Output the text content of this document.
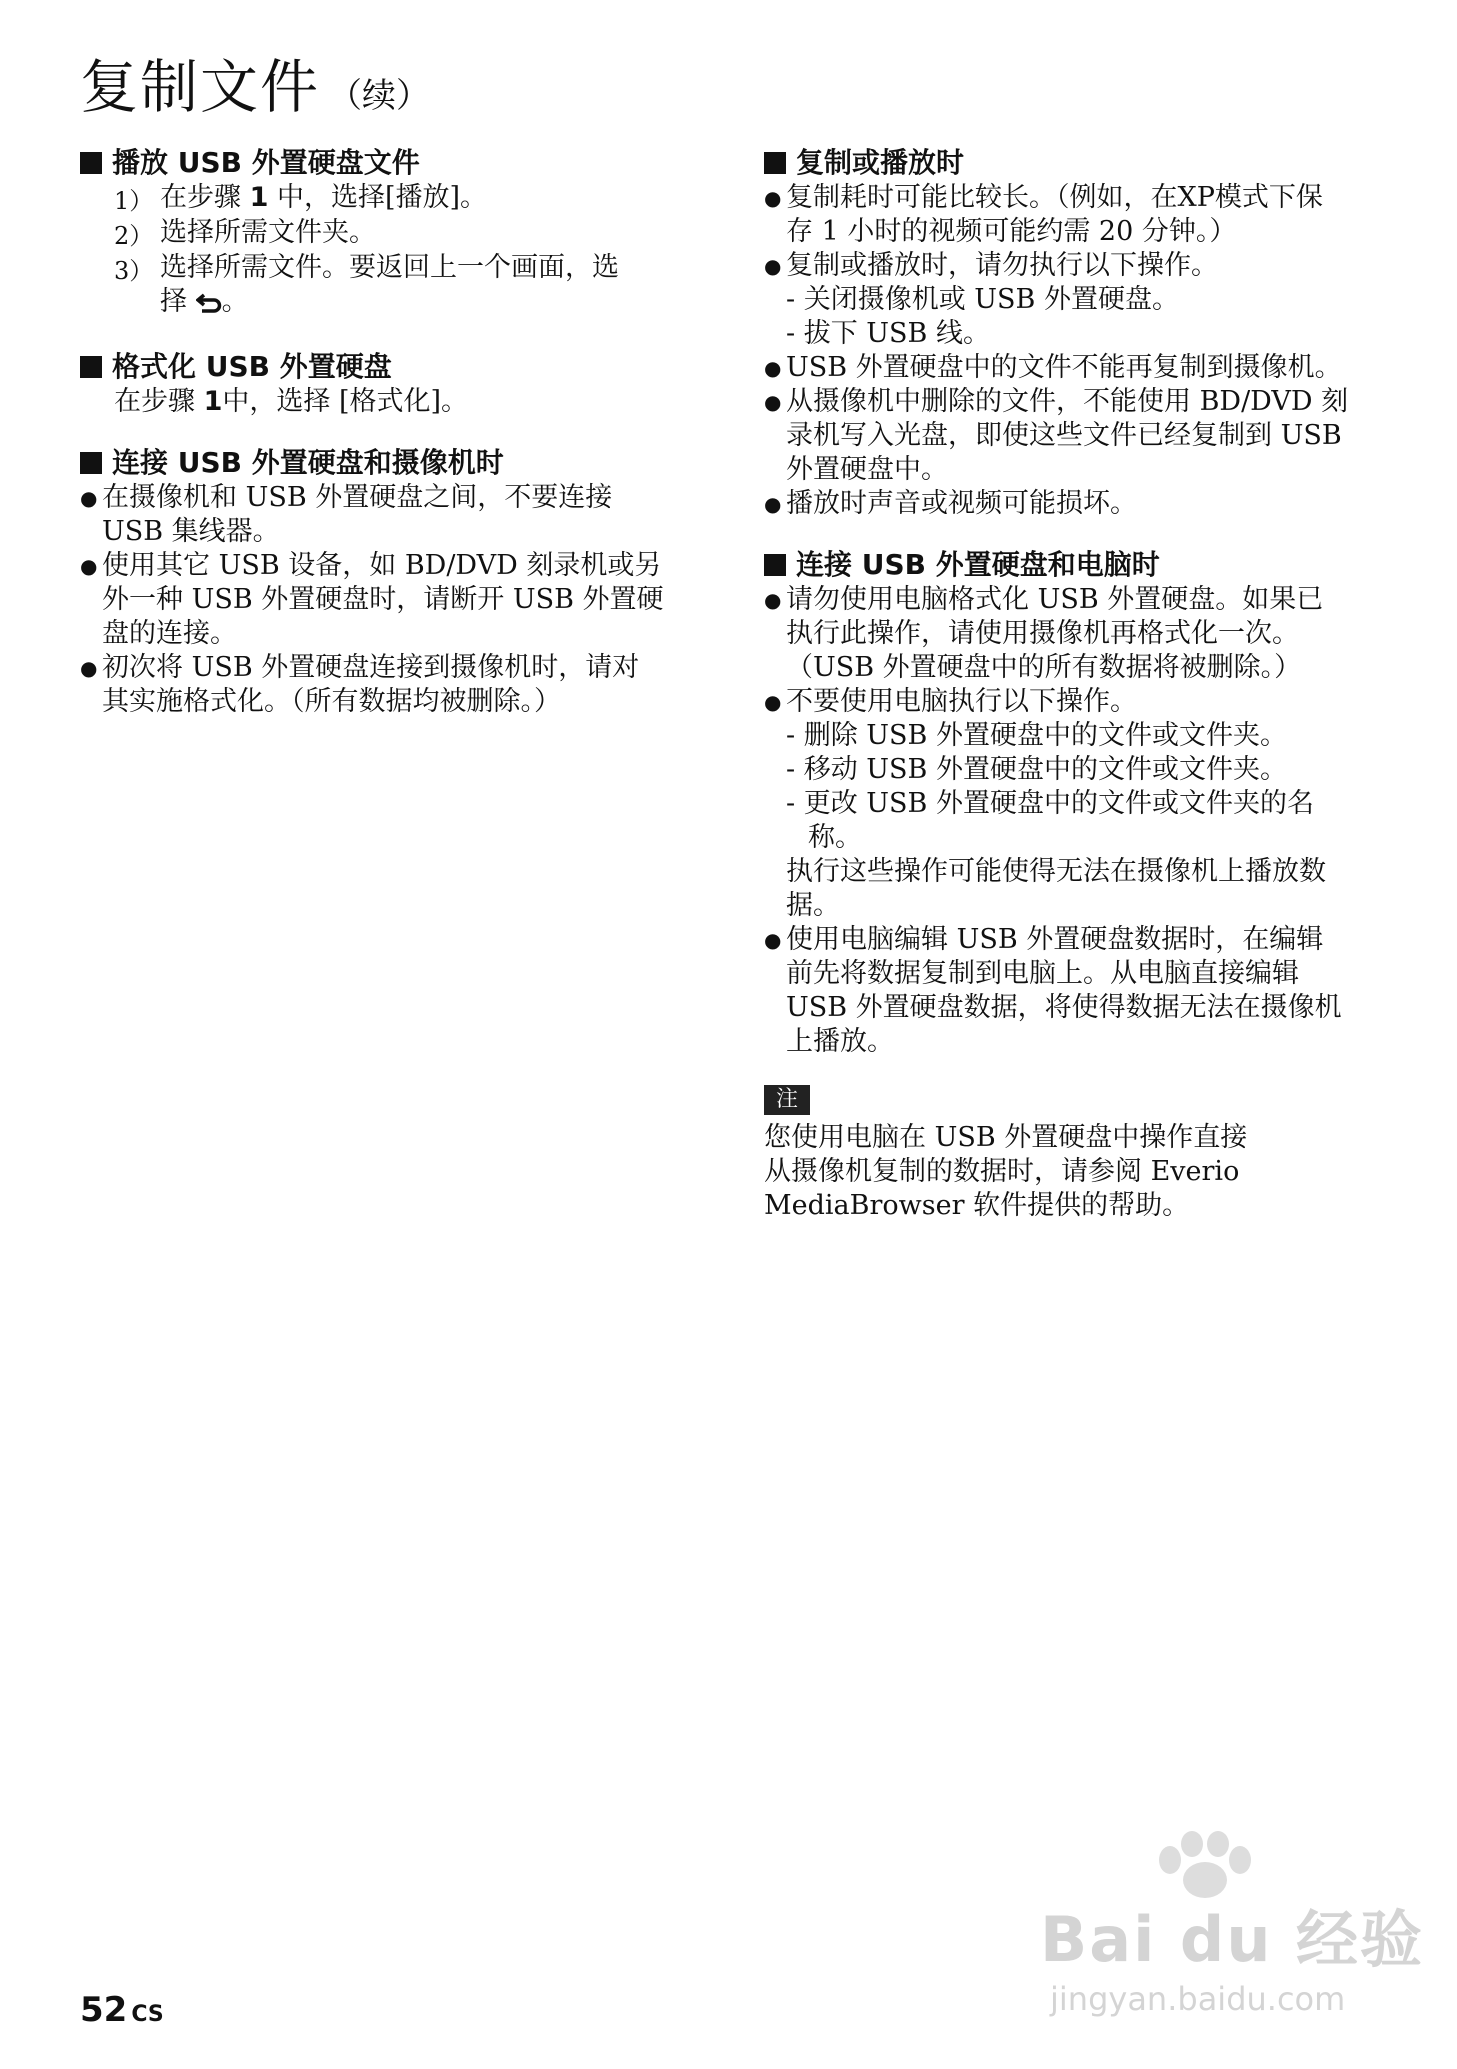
复制文件 （续）
播放 USB 外置硬盘文件
1） 在步骤 1 中，选择[播放]。
2） 选择所需文件夹。
3） 选择所需文件。要返回上一个画面，选
择 。
格式化 USB 外置硬盘
在步骤 1中，选择 [格式化]。
连接 USB 外置硬盘和摄像机时
● 在摄像机和 USB 外置硬盘之间，不要连接
USB 集线器。
● 使用其它 USB 设备，如 BD/DVD 刻录机或另
外一种 USB 外置硬盘时，请断开 USB 外置硬
盘的连接。
● 初次将 USB 外置硬盘连接到摄像机时，请对
其实施格式化。（所有数据均被删除。）
复制或播放时
● 复制耗时可能比较长。（例如，在XP模式下保
存 1 小时的视频可能约需 20 分钟。）
● 复制或播放时，请勿执行以下操作。
- 关闭摄像机或 USB 外置硬盘。
- 拔下 USB 线。
● USB 外置硬盘中的文件不能再复制到摄像机。
● 从摄像机中删除的文件，不能使用 BD/DVD 刻
录机写入光盘，即使这些文件已经复制到 USB
外置硬盘中。
● 播放时声音或视频可能损坏。
连接 USB 外置硬盘和电脑时
● 请勿使用电脑格式化 USB 外置硬盘。如果已
执行此操作，请使用摄像机再格式化一次。
（USB 外置硬盘中的所有数据将被删除。）
● 不要使用电脑执行以下操作。
- 删除 USB 外置硬盘中的文件或文件夹。
- 移动 USB 外置硬盘中的文件或文件夹。
- 更改 USB 外置硬盘中的文件或文件夹的名
称。
执行这些操作可能使得无法在摄像机上播放数
据。
● 使用电脑编辑 USB 外置硬盘数据时，在编辑
前先将数据复制到电脑上。从电脑直接编辑
USB 外置硬盘数据，将使得数据无法在摄像机
上播放。
注
您使用电脑在 USB 外置硬盘中操作直接
从摄像机复制的数据时，请参阅 Everio
MediaBrowser 软件提供的帮助。
52 CS
Bai du 经验
jingyan.baidu.com
